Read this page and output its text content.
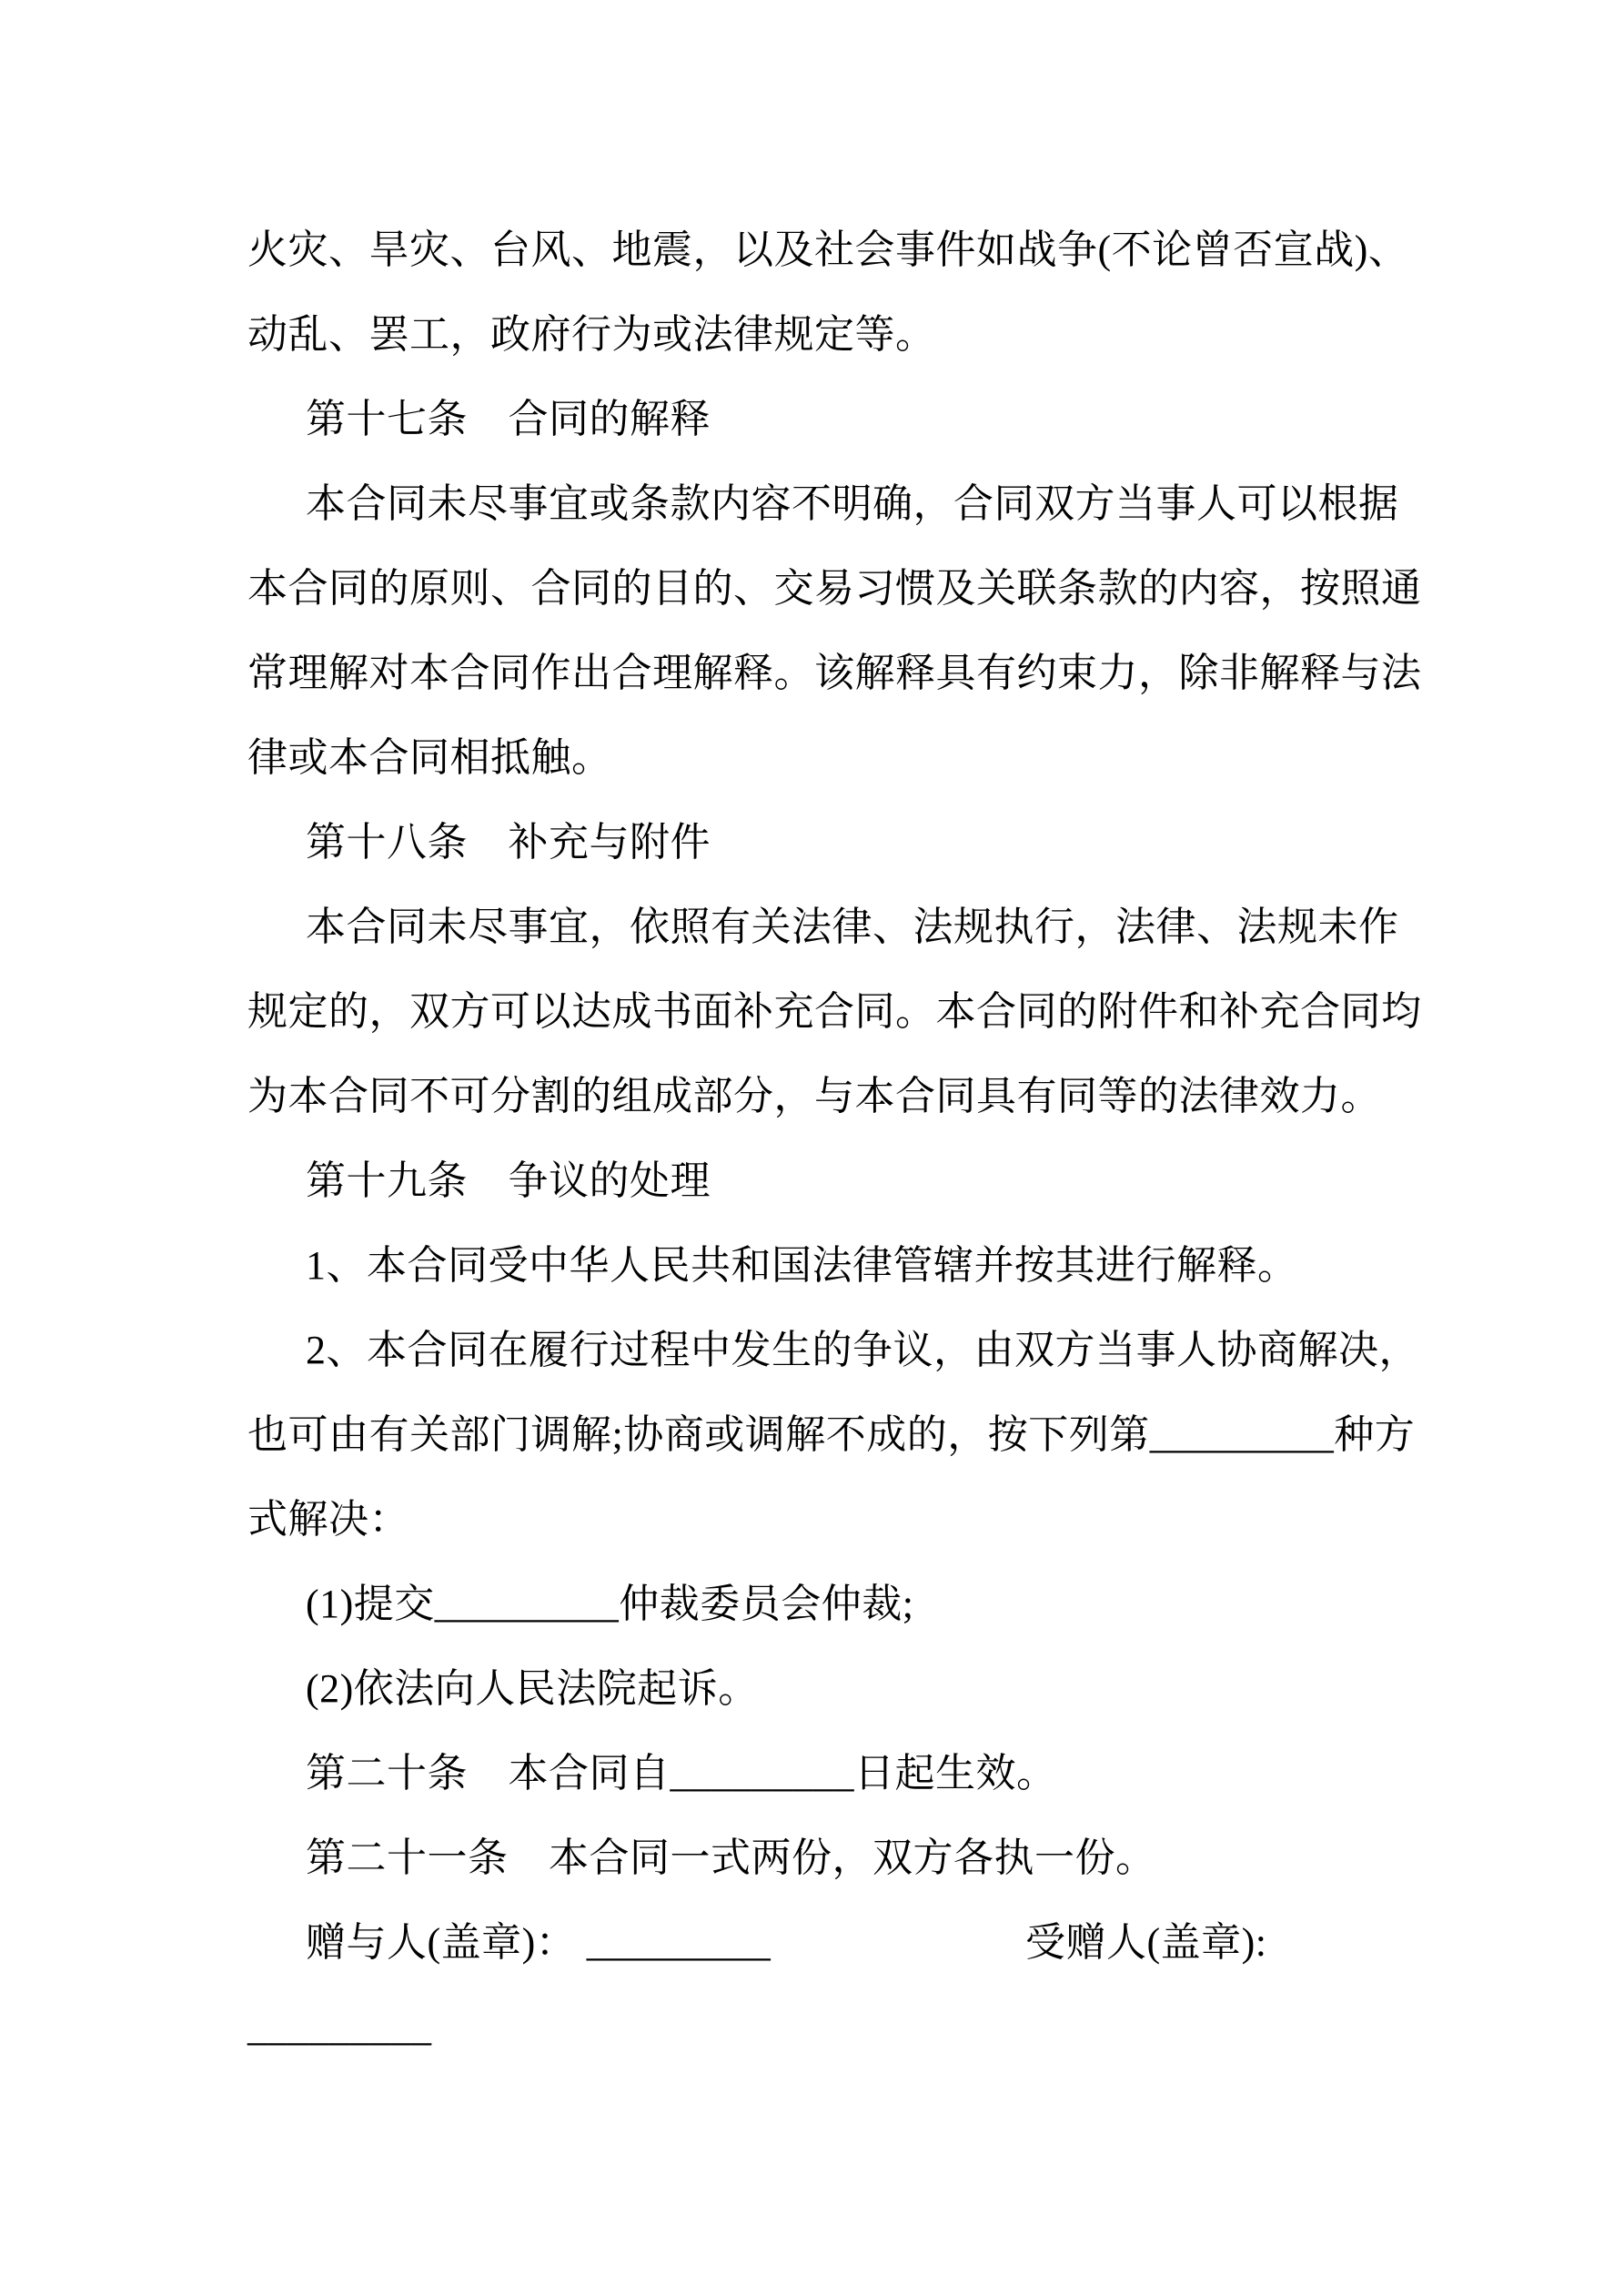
火灾、旱灾、台风、地震，以及社会事件如战争(不论曾否宣战)、
动乱、罢工，政府行为或法律规定等。
第十七条　合同的解释
本合同未尽事宜或条款内容不明确，合同双方当事人可以根据
本合同的原则、合同的目的、交易习惯及关联条款的内容，按照通
常理解对本合同作出合理解释。该解释具有约束力，除非解释与法
律或本合同相抵触。
第十八条　补充与附件
本合同未尽事宜，依照有关法律、法规执行，法律、法规未作
规定的，双方可以达成书面补充合同。本合同的附件和补充合同均
为本合同不可分割的组成部分，与本合同具有同等的法律效力。
第十九条　争议的处理
1、本合同受中华人民共和国法律管辖并按其进行解释。
2、本合同在履行过程中发生的争议，由双方当事人协商解决，
也可由有关部门调解;协商或调解不成的，按下列第_________种方
式解决：
(1)提交_________仲裁委员会仲裁;
(2)依法向人民法院起诉。
第二十条　本合同自_________日起生效。
第二十一条　本合同一式两份，双方各执一份。
赠与人(盖章)： _________	受赠人(盖章):
_________
